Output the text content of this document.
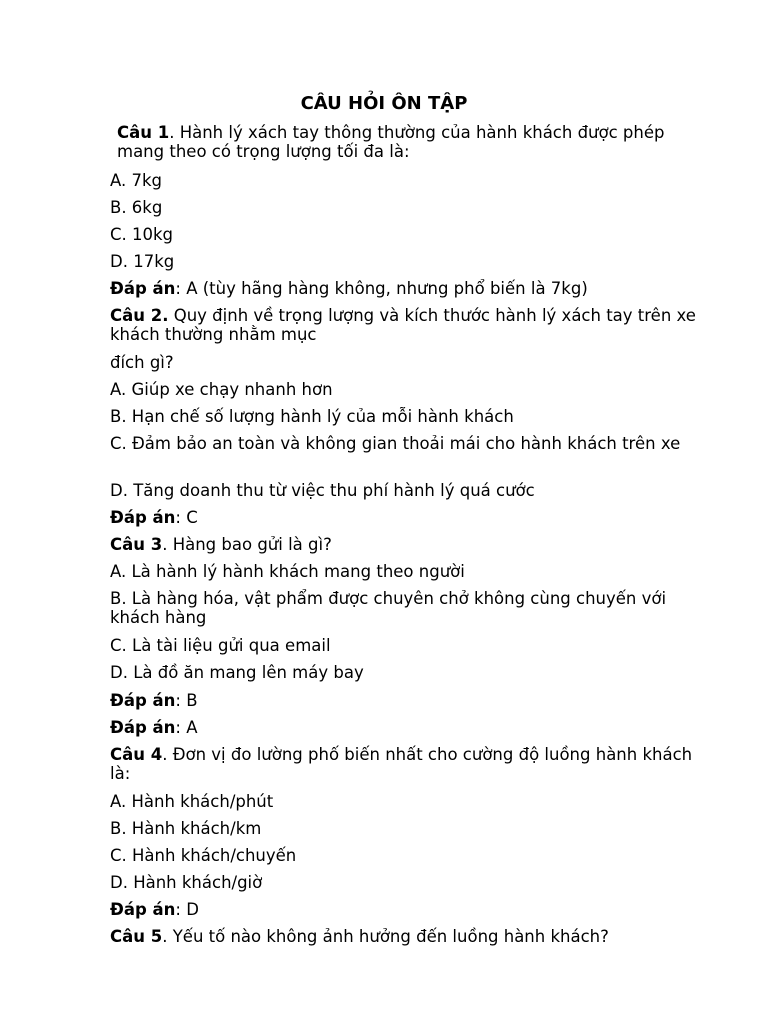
CÂU HỎI ÔN TẬP
Câu 1. Hành lý xách tay thông thường của hành khách được phép mang theo có trọng lượng tối đa là:
A. 7kg
B. 6kg
C. 10kg
D. 17kg
Đáp án: A (tùy hãng hàng không, nhưng phổ biến là 7kg)
Câu 2. Quy định về trọng lượng và kích thước hành lý xách tay trên xe khách thường nhằm mục
đích gì?
A. Giúp xe chạy nhanh hơn
B. Hạn chế số lượng hành lý của mỗi hành khách
C. Đảm bảo an toàn và không gian thoải mái cho hành khách trên xe
D. Tăng doanh thu từ việc thu phí hành lý quá cước
Đáp án: C
Câu 3. Hàng bao gửi là gì?
A. Là hành lý hành khách mang theo người
B. Là hàng hóa, vật phẩm được chuyên chở không cùng chuyến với khách hàng
C. Là tài liệu gửi qua email
D. Là đồ ăn mang lên máy bay
Đáp án: B
Đáp án: A
Câu 4. Đơn vị đo lường phố biến nhất cho cường độ luồng hành khách là:
A. Hành khách/phút
B. Hành khách/km
C. Hành khách/chuyến
D. Hành khách/giờ
Đáp án: D
Câu 5. Yếu tố nào không ảnh hưởng đến luồng hành khách?
